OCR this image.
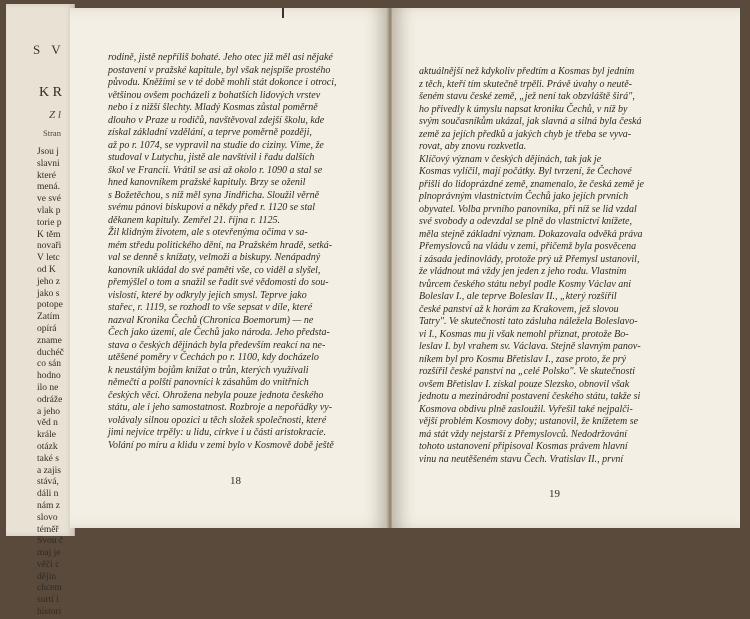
S V
K R
Z l
Stran
Jsou j
slavni
které
mená.
ve své
vlak p
torie p
K těm
novaři
V letc
od K
jeho z
jako s
potope
Zatím
opírá
zname
duchéč
co sán
hodno
ilo ne
odráže
a jeho
věd n
krále
otázk
také s
a zajis
stává,
dáli n
nám z
slovo
téměř
Svou č
maj je
věči c
dějin
chcem
surtí i
histori
rodině, jistě nepříliš bohaté. Jeho otec již měl asi nějaké
postavení v pražské kapitule, byl však nejspíše prostého
původu. Kněžími se v té době mohli stát dokonce i otroci,
většinou ovšem pocházeli z bohatších lidových vrstev
nebo i z nižší šlechty. Mladý Kosmas zůstal poměrně
dlouho v Praze u rodičů, navštěvoval zdejší školu, kde
získal základní vzdělání, a teprve poměrně později,
až po r. 1074, se vypravil na studie do ciziny. Víme, že
studoval v Lutychu, jistě ale navštívil i řadu dalších
škol ve Francii. Vrátil se asi až okolo r. 1090 a stal se
hned kanovníkem pražské kapituly. Brzy se oženil
s Božetěchou, s níž měl syna Jindřicha. Sloužil věrně
svému pánovi biskupovi a někdy před r. 1120 se stal
děkanem kapituly. Zemřel 21. října r. 1125.
Žil klidným životem, ale s otevřenýma očima v sa-
mém středu politického dění, na Pražském hradě, setká-
val se denně s knížaty, velmoži a biskupy. Nenápadný
kanovník ukládal do své paměti vše, co viděl a slyšel,
přemýšlel o tom a snažil se řadit své vědomosti do sou-
vislostí, které by odkryly jejich smysl. Teprve jako
stařec, r. 1119, se rozhodl to vše sepsat v díle, které
nazval Kronika Čechů (Chronica Boemorum) — ne
Čech jako území, ale Čechů jako národa. Jeho předsta-
stava o českých dějinách byla především reakcí na ne-
utěšené poměry v Čechách po r. 1100, kdy docházelo
k neustálým bojům knížat o trůn, kterých využívali
němečtí a polští panovníci k zásahům do vnitřních
českých věcí. Ohrožena nebyla pouze jednota českého
státu, ale i jeho samostatnost. Rozbroje a nepořádky vy-
volávaly silnou opozici u těch složek společnosti, které
jimi nejvíce trpěly: u lidu, církve i u části aristokracie.
Volání po míru a klidu v zemi bylo v Kosmově době ještě
18
aktuálnější než kdykoliv předtím a Kosmas byl jedním
z těch, kteří tím skutečně trpěli. Právě úvahy o neutě-
šeném stavu české země, „jež není tak obzvláště širá",
ho přivedly k úmyslu napsat kroniku Čechů, v níž by
svým současníkům ukázal, jak slavná a silná byla česká
země za jejích předků a jakých chyb je třeba se vyva-
rovat, aby znovu rozkvetla.
Klíčový význam v českých dějinách, tak jak je
Kosmas vylíčil, mají počátky. Byl tvrzení, že Čechové
přišli do lidoprázdné země, znamenalo, že česká země je
plnoprávným vlastnictvím Čechů jako jejích prvních
obyvatel. Volba prvního panovníka, při níž se lid vzdal
své svobody a odevzdal se plně do vlastnictví knížete,
měla stejně základní význam. Dokazovala odvěká práva
Přemyslovců na vládu v zemi, přičemž byla posvěcena
i zásada jedinovlády, protože prý už Přemysl ustanovil,
že vládnout má vždy jen jeden z jeho rodu. Vlastním
tvůrcem českého státu nebyl podle Kosmy Václav ani
Boleslav I., ale teprve Boleslav II., „který rozšířil
české panství až k horám za Krakovem, jež slovou
Tatry". Ve skutečnosti tato zásluha náležela Boleslavo-
vi I., Kosmas mu ji však nemohl přiznat, protože Bo-
leslav I. byl vrahem sv. Václava. Stejně slavným panov-
níkem byl pro Kosmu Břetislav I., zase proto, že prý
rozšířil české panství na „celé Polsko". Ve skutečnosti
ovšem Břetislav I. získal pouze Slezsko, obnovil však
jednotu a mezinárodní postavení českého státu, takže si
Kosmova obdivu plně zasloužil. Vyřešil také nejpalči-
vější problém Kosmovy doby; ustanovil, že knížetem se
má stát vždy nejstarší z Přemyslovců. Nedodržování
tohoto ustanovení připisoval Kosmas právem hlavní
vinu na neutěšeném stavu Čech. Vratislav II., první
19
